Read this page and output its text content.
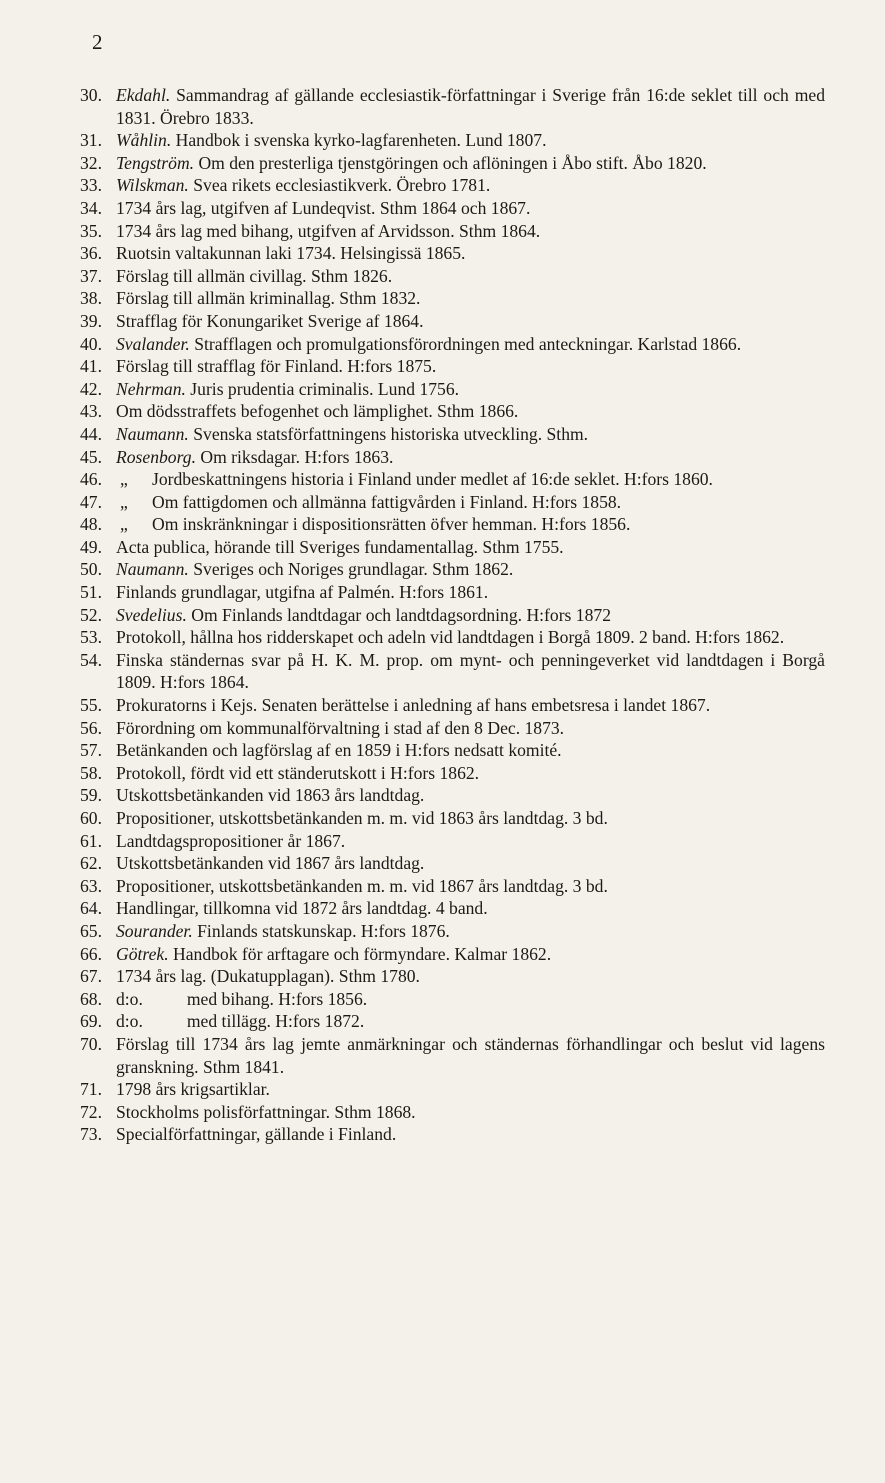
2

30. Ekdahl. Sammandrag af gällande ecclesiastik-författningar i Sverige från 16:de seklet till och med 1831. Örebro 1833.

31. Wåhlin. Handbok i svenska kyrko-lagfarenheten. Lund 1807.

32. Tengström. Om den presterliga tjenstgöringen och aflöningen i Åbo stift. Åbo 1820.

33. Wilskman. Svea rikets ecclesiastikverk. Örebro 1781.

34. 1734 års lag, utgifven af Lundeqvist. Sthm 1864 och 1867.

35. 1734 års lag med bihang, utgifven af Arvidsson. Sthm 1864.

36. Ruotsin valtakunnan laki 1734. Helsingissä 1865.

37. Förslag till allmän civillag. Sthm 1826.

38. Förslag till allmän kriminallag. Sthm 1832.

39. Strafflag för Konungariket Sverige af 1864.

40. Svalander. Strafflagen och promulgationsförordningen med anteckningar. Karlstad 1866.

41. Förslag till strafflag för Finland. H:fors 1875.

42. Nehrman. Juris prudentia criminalis. Lund 1756.

43. Om dödsstraffets befogenhet och lämplighet. Sthm 1866.

44. Naumann. Svenska statsförfattningens historiska utveckling. Sthm.

45. Rosenborg. Om riksdagar. H:fors 1863.

46.	„	Jordbeskattningens historia i Finland under medlet af 16:de seklet. H:fors 1860.

47.	„	Om fattigdomen och allmänna fattigvården i Finland. H:fors 1858.

48.	„	Om inskränkningar i dispositionsrätten öfver hemman. H:fors 1856.

49. Acta publica, hörande till Sveriges fundamentallag. Sthm 1755.

50. Naumann. Sveriges och Noriges grundlagar. Sthm 1862.

51. Finlands grundlagar, utgifna af Palmén. H:fors 1861.

52. Svedelius. Om Finlands landtdagar och landtdagsordning. H:fors 1872

53. Protokoll, hållna hos ridderskapet och adeln vid landtdagen i Borgå 1809. 2 band. H:fors 1862.

54. Finska ständernas svar på H. K. M. prop. om mynt- och penningeverket vid landtdagen i Borgå 1809. H:fors 1864.

55. Prokuratorns i Kejs. Senaten berättelse i anledning af hans embetsresa i landet 1867.

56. Förordning om kommunalförvaltning i stad af den 8 Dec. 1873.

57. Betänkanden och lagförslag af en 1859 i H:fors nedsatt komité.

58. Protokoll, fördt vid ett ständerutskott i H:fors 1862.

59. Utskottsbetänkanden vid 1863 års landtdag.

60. Propositioner, utskottsbetänkanden m. m. vid 1863 års landtdag. 3 bd.

61. Landtdagspropositioner år 1867.

62. Utskottsbetänkanden vid 1867 års landtdag.

63. Propositioner, utskottsbetänkanden m. m. vid 1867 års landtdag. 3 bd.

64. Handlingar, tillkomna vid 1872 års landtdag. 4 band.

65. Sourander. Finlands statskunskap. H:fors 1876.

66. Götrek. Handbok för arftagare och förmyndare. Kalmar 1862.

67. 1734 års lag. (Dukatupplagan). Sthm 1780.

68. d:o.          med bihang. H:fors 1856.

69. d:o.          med tillägg. H:fors 1872.

70. Förslag till 1734 års lag jemte anmärkningar och ständernas förhandlingar och beslut vid lagens granskning. Sthm 1841.

71. 1798 års krigsartiklar.

72. Stockholms polisförfattningar. Sthm 1868.

73. Specialförfattningar, gällande i Finland.
